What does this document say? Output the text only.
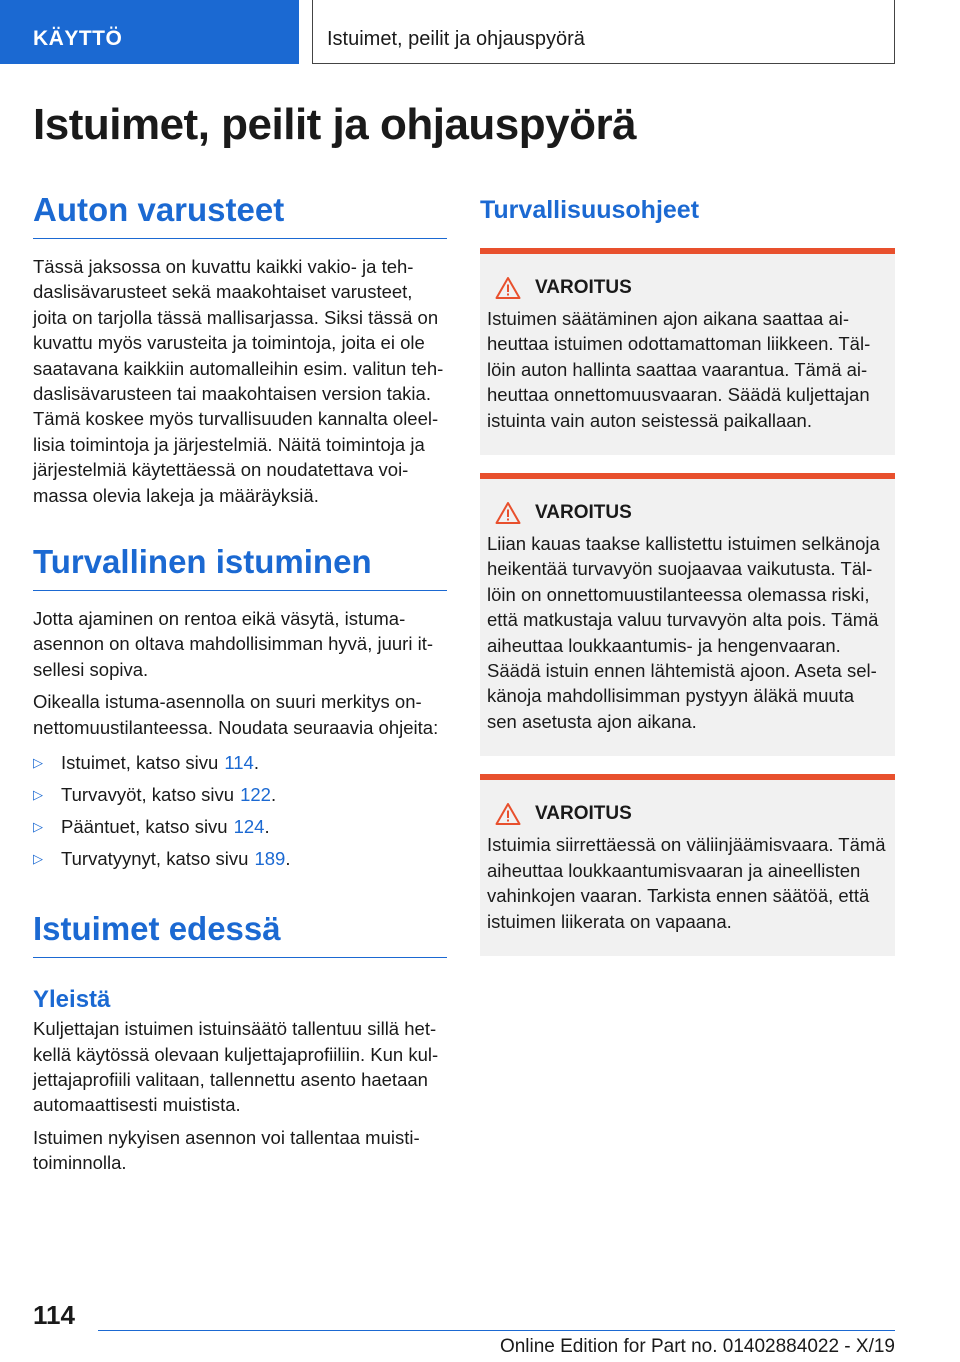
KÄYTTÖ	Istuimet, peilit ja ohjauspyörä
Istuimet, peilit ja ohjauspyörä
Auton varusteet

Tässä jaksossa on kuvattu kaikki vakio- ja teh-daslisävarusteet sekä maakohtaiset varusteet, joita on tarjolla tässä mallisarjassa. Siksi tässä on kuvattu myös varusteita ja toimintoja, joita ei ole saatavana kaikkiin automalleihin esim. valitun teh-daslisävarusteen tai maakohtaisen version takia. Tämä koskee myös turvallisuuden kannalta oleel-lisia toimintoja ja järjestelmiä. Näitä toimintoja ja järjestelmiä käytettäessä on noudatettava voi-massa olevia lakeja ja määräyksiä.

Turvallinen istuminen

Jotta ajaminen on rentoa eikä väsytä, istuma-asennon on oltava mahdollisimman hyvä, juuri it-sellesi sopiva.

Oikealla istuma-asennolla on suuri merkitys on-nettomuustilanteessa. Noudata seuraavia ohjeita:

▷ Istuimet, katso sivu 114 .
▷ Turvavyöt, katso sivu 122 .
▷ Pääntuet, katso sivu 124 .
▷ Turvatyynyt, katso sivu 189 .
Istuimet edessä
Yleistä

Kuljettajan istuimen istuinsäätö tallentuu sillä het-kellä käytössä olevaan kuljettajaprofiiliin. Kun kul-jettajaprofiili valitaan, tallennettu asento haetaan automaattisesti muistista.

Istuimen nykyisen asennon voi tallentaa muisti-toiminnolla.

Turvallisuusohjeet
VAROITUS

Istuimen säätäminen ajon aikana saattaa ai-heuttaa istuimen odottamattoman liikkeen. Täl-löin auton hallinta saattaa vaarantua. Tämä ai-heuttaa onnettomuusvaaran. Säädä kuljettajan istuinta vain auton seistessä paikallaan.

VAROITUS

Liian kauas taakse kallistettu istuimen selkänoja heikentää turvavyön suojaavaa vaikutusta. Täl-löin on onnettomuustilanteessa olemassa riski, että matkustaja valuu turvavyön alta pois. Tämä aiheuttaa loukkaantumis- ja hengenvaaran. Säädä istuin ennen lähtemistä ajoon. Aseta sel-känoja mahdollisimman pystyyn äläkä muuta sen asetusta ajon aikana.

VAROITUS

Istuimia siirrettäessä on väliinjäämisvaara. Tämä aiheuttaa loukkaantumisvaaran ja aineellisten vahinkojen vaaran. Tarkista ennen säätöä, että istuimen liikerata on vapaana.

114
Online Edition for Part no. 01402884022 - X/19
